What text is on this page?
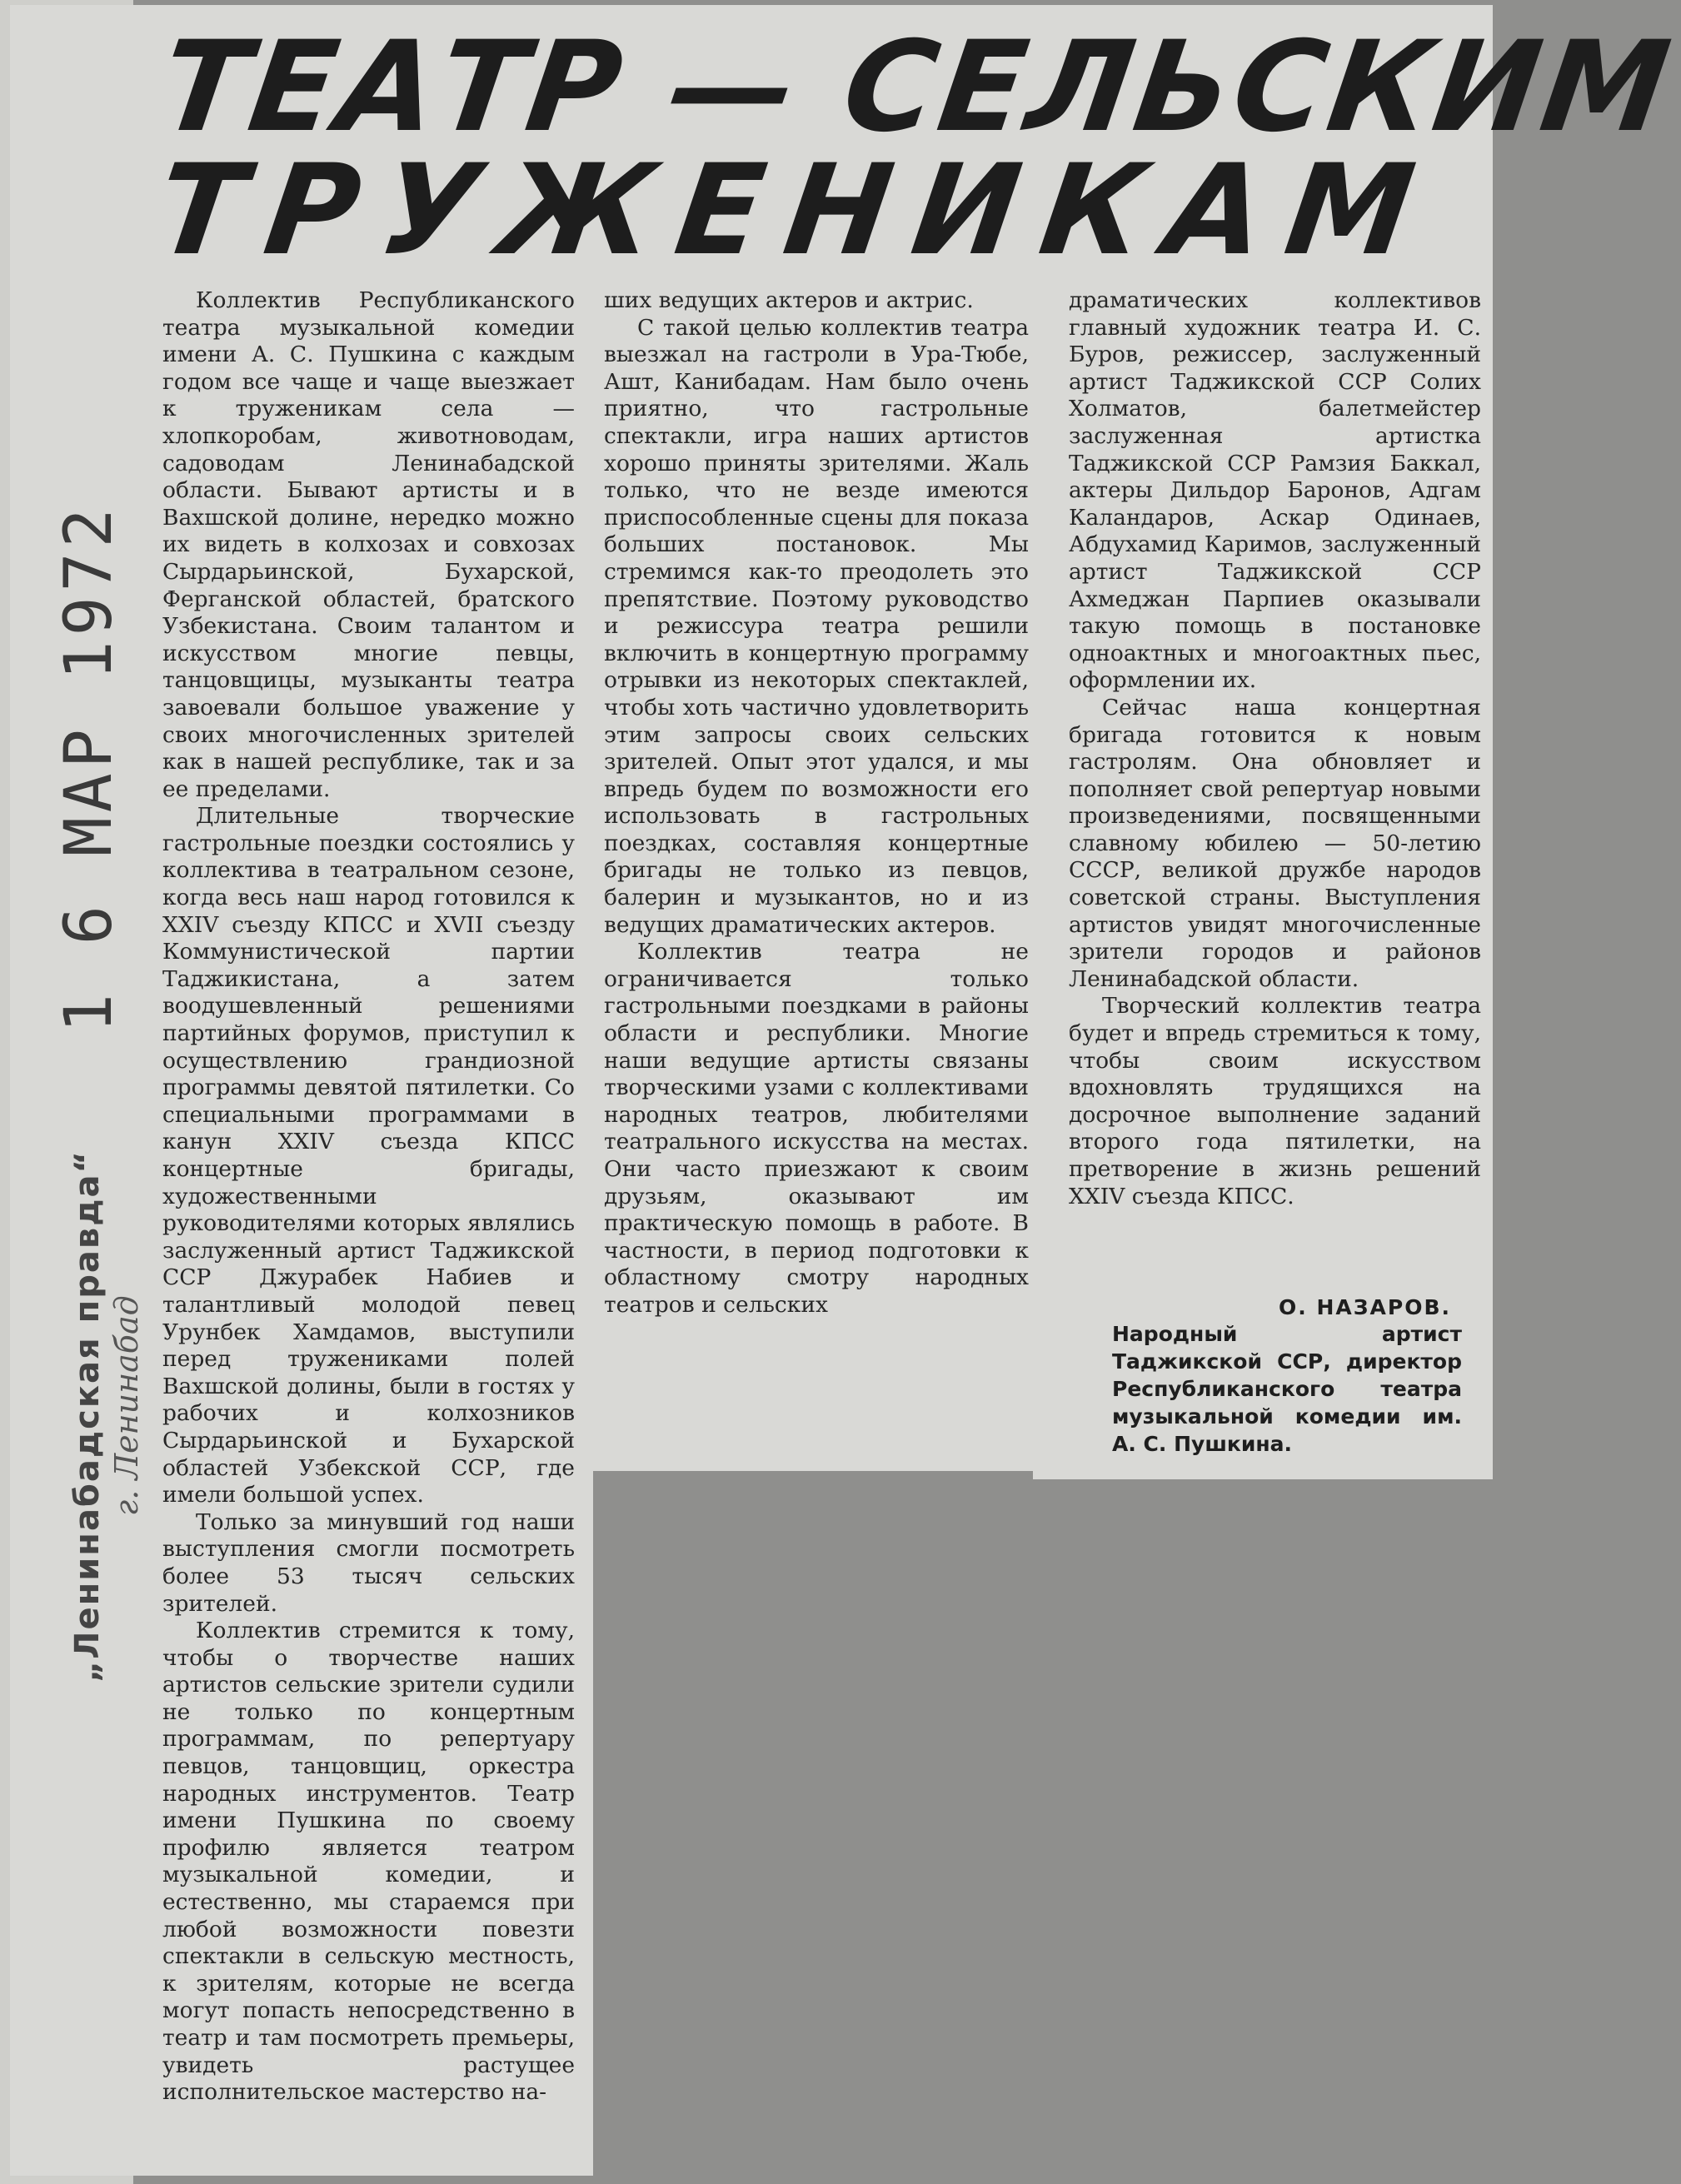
ТЕАТР — СЕЛЬСКИМ
ТРУЖЕНИКАМ

Коллектив Республиканского театра музыкальной комедии имени А. С. Пушкина с каждым годом все чаще и чаще выезжает к труженикам села — хлопкоробам, животноводам, садоводам Ленинабадской области. Бывают артисты и в Вахшской долине, нередко можно их видеть в колхозах и совхозах Сырдарьинской, Бухарской, Ферганской областей, братского Узбекистана. Своим талантом и искусством многие певцы, танцовщицы, музыканты театра завоевали большое уважение у своих многочисленных зрителей как в нашей республике, так и за ее пределами.

Длительные творческие гастрольные поездки состоялись у коллектива в театральном сезоне, когда весь наш народ готовился к XXIV съезду КПСС и XVII съезду Коммунистической партии Таджикистана, а затем воодушевленный решениями партийных форумов, приступил к осуществлению грандиозной программы девятой пятилетки. Со специальными программами в канун XXIV съезда КПСС концертные бригады, художественными руководителями которых являлись заслуженный артист Таджикской ССР Джурабек Набиев и талантливый молодой певец Урунбек Хамдамов, выступили перед тружениками полей Вахшской долины, были в гостях у рабочих и колхозников Сырдарьинской и Бухарской областей Узбекской ССР, где имели большой успех.

Только за минувший год наши выступления смогли посмотреть более 53 тысяч сельских зрителей.

Коллектив стремится к тому, чтобы о творчестве наших артистов сельские зрители судили не только по концертным программам, по репертуару певцов, танцовщиц, оркестра народных инструментов. Театр имени Пушкина по своему профилю является театром музыкальной комедии, и естественно, мы стараемся при любой возможности повезти спектакли в сельскую местность, к зрителям, которые не всегда могут попасть непосредственно в театр и там посмотреть премьеры, увидеть растущее исполнительское мастерство на-

ших ведущих актеров и актрис.

С такой целью коллектив театра выезжал на гастроли в Ура-Тюбе, Ашт, Канибадам. Нам было очень приятно, что гастрольные спектакли, игра наших артистов хорошо приняты зрителями. Жаль только, что не везде имеются приспособленные сцены для показа больших постановок. Мы стремимся как-то преодолеть это препятствие. Поэтому руководство и режиссура театра решили включить в концертную программу отрывки из некоторых спектаклей, чтобы хоть частично удовлетворить этим запросы своих сельских зрителей. Опыт этот удался, и мы впредь будем по возможности его использовать в гастрольных поездках, составляя концертные бригады не только из певцов, балерин и музыкантов, но и из ведущих драматических актеров.

Коллектив театра не ограничивается только гастрольными поездками в районы области и республики. Многие наши ведущие артисты связаны творческими узами с коллективами народных театров, любителями театрального искусства на местах. Они часто приезжают к своим друзьям, оказывают им практическую помощь в работе. В частности, в период подготовки к областному смотру народных театров и сельских

драматических коллективов главный художник театра И. С. Буров, режиссер, заслуженный артист Таджикской ССР Солих Холматов, балетмейстер заслуженная артистка Таджикской ССР Рамзия Баккал, актеры Дильдор Баронов, Адгам Каландаров, Аскар Одинаев, Абдухамид Каримов, заслуженный артист Таджикской ССР Ахмеджан Парпиев оказывали такую помощь в постановке одноактных и многоактных пьес, оформлении их.

Сейчас наша концертная бригада готовится к новым гастролям. Она обновляет и пополняет свой репертуар новыми произведениями, посвященными славному юбилею — 50-летию СССР, великой дружбе народов советской страны. Выступления артистов увидят многочисленные зрители городов и районов Ленинабадской области.

Творческий коллектив театра будет и впредь стремиться к тому, чтобы своим искусством вдохновлять трудящихся на досрочное выполнение заданий второго года пятилетки, на претворение в жизнь решений XXIV съезда КПСС.

О. НАЗАРОВ.
Народный артист Таджикской ССР, директор Республиканского театра музыкальной комедии им. А. С. Пушкина.
1 6 МАР 1972
„Ленинабадская правда“ г. Ленинабад
